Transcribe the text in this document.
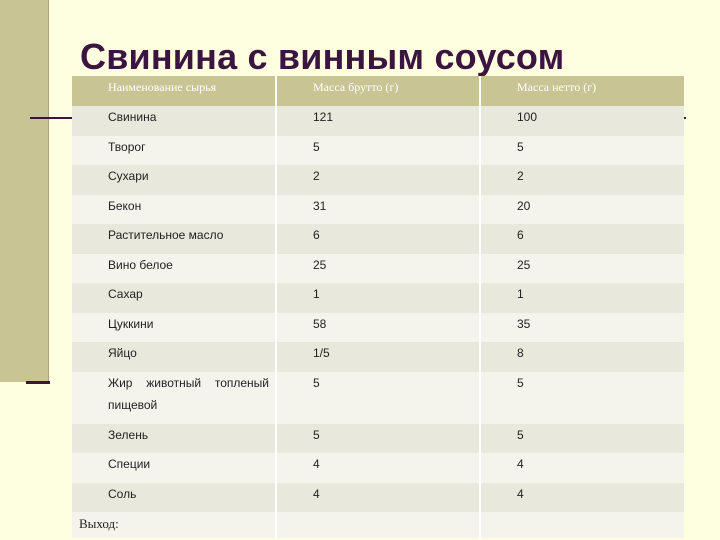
Свинина с винным соусом
Наименование сырья	Масса брутто (г)	Масса нетто (г)
Свинина	121	100
Творог	5	5
Сухари	2	2
Бекон	31	20
Растительное масло	6	6
Вино белое	25	25
Сахар	1	1
Цуккини	58	35
Яйцо	1/5	8
Жир животный топленый пищевой	5	5
Зелень	5	5
Специи	4	4
Соль	4	4
Выход:		
